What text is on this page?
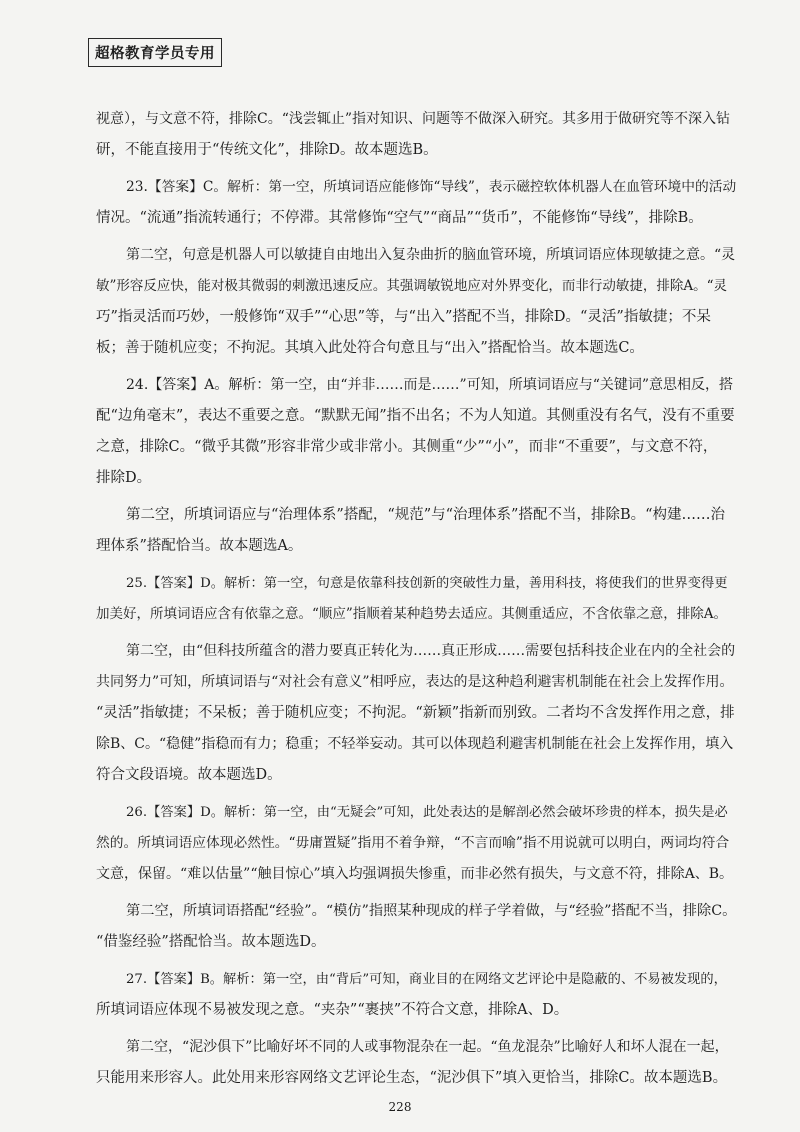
超格教育学员专用

视意），与文意不符，排除C。“浅尝辄止”指对知识、问题等不做深入研究。其多用于做研究等不深入钻

研，不能直接用于“传统文化”，排除D。故本题选B。

23.【答案】C。解析：第一空，所填词语应能修饰“导线”，表示磁控软体机器人在血管环境中的活动

情况。“流通”指流转通行；不停滞。其常修饰“空气”“商品”“货币”，不能修饰“导线”，排除B。

第二空，句意是机器人可以敏捷自由地出入复杂曲折的脑血管环境，所填词语应体现敏捷之意。“灵

敏”形容反应快，能对极其微弱的刺激迅速反应。其强调敏锐地应对外界变化，而非行动敏捷，排除A。“灵

巧”指灵活而巧妙，一般修饰“双手”“心思”等，与“出入”搭配不当，排除D。“灵活”指敏捷；不呆

板；善于随机应变；不拘泥。其填入此处符合句意且与“出入”搭配恰当。故本题选C。

24.【答案】A。解析：第一空，由“并非……而是……”可知，所填词语应与“关键词”意思相反，搭

配“边角毫末”，表达不重要之意。“默默无闻”指不出名；不为人知道。其侧重没有名气，没有不重要

之意，排除C。“微乎其微”形容非常少或非常小。其侧重“少”“小”，而非“不重要”，与文意不符，

排除D。

第二空，所填词语应与“治理体系”搭配，“规范”与“治理体系”搭配不当，排除B。“构建……治

理体系”搭配恰当。故本题选A。

25.【答案】D。解析：第一空，句意是依靠科技创新的突破性力量，善用科技，将使我们的世界变得更

加美好，所填词语应含有依靠之意。“顺应”指顺着某种趋势去适应。其侧重适应，不含依靠之意，排除A。

第二空，由“但科技所蕴含的潜力要真正转化为……真正形成……需要包括科技企业在内的全社会的

共同努力”可知，所填词语与“对社会有意义”相呼应，表达的是这种趋利避害机制能在社会上发挥作用。

“灵活”指敏捷；不呆板；善于随机应变；不拘泥。“新颖”指新而别致。二者均不含发挥作用之意，排

除B、C。“稳健”指稳而有力；稳重；不轻举妄动。其可以体现趋利避害机制能在社会上发挥作用，填入

符合文段语境。故本题选D。

26.【答案】D。解析：第一空，由“无疑会”可知，此处表达的是解剖必然会破坏珍贵的样本，损失是必

然的。所填词语应体现必然性。“毋庸置疑”指用不着争辩，“不言而喻”指不用说就可以明白，两词均符合

文意，保留。“难以估量”“触目惊心”填入均强调损失惨重，而非必然有损失，与文意不符，排除A、B。

第二空，所填词语搭配“经验”。“模仿”指照某种现成的样子学着做，与“经验”搭配不当，排除C。

“借鉴经验”搭配恰当。故本题选D。

27.【答案】B。解析：第一空，由“背后”可知，商业目的在网络文艺评论中是隐蔽的、不易被发现的，

所填词语应体现不易被发现之意。“夹杂”“裹挟”不符合文意，排除A、D。

第二空，“泥沙俱下”比喻好坏不同的人或事物混杂在一起。“鱼龙混杂”比喻好人和坏人混在一起，

只能用来形容人。此处用来形容网络文艺评论生态，“泥沙俱下”填入更恰当，排除C。故本题选B。

228
